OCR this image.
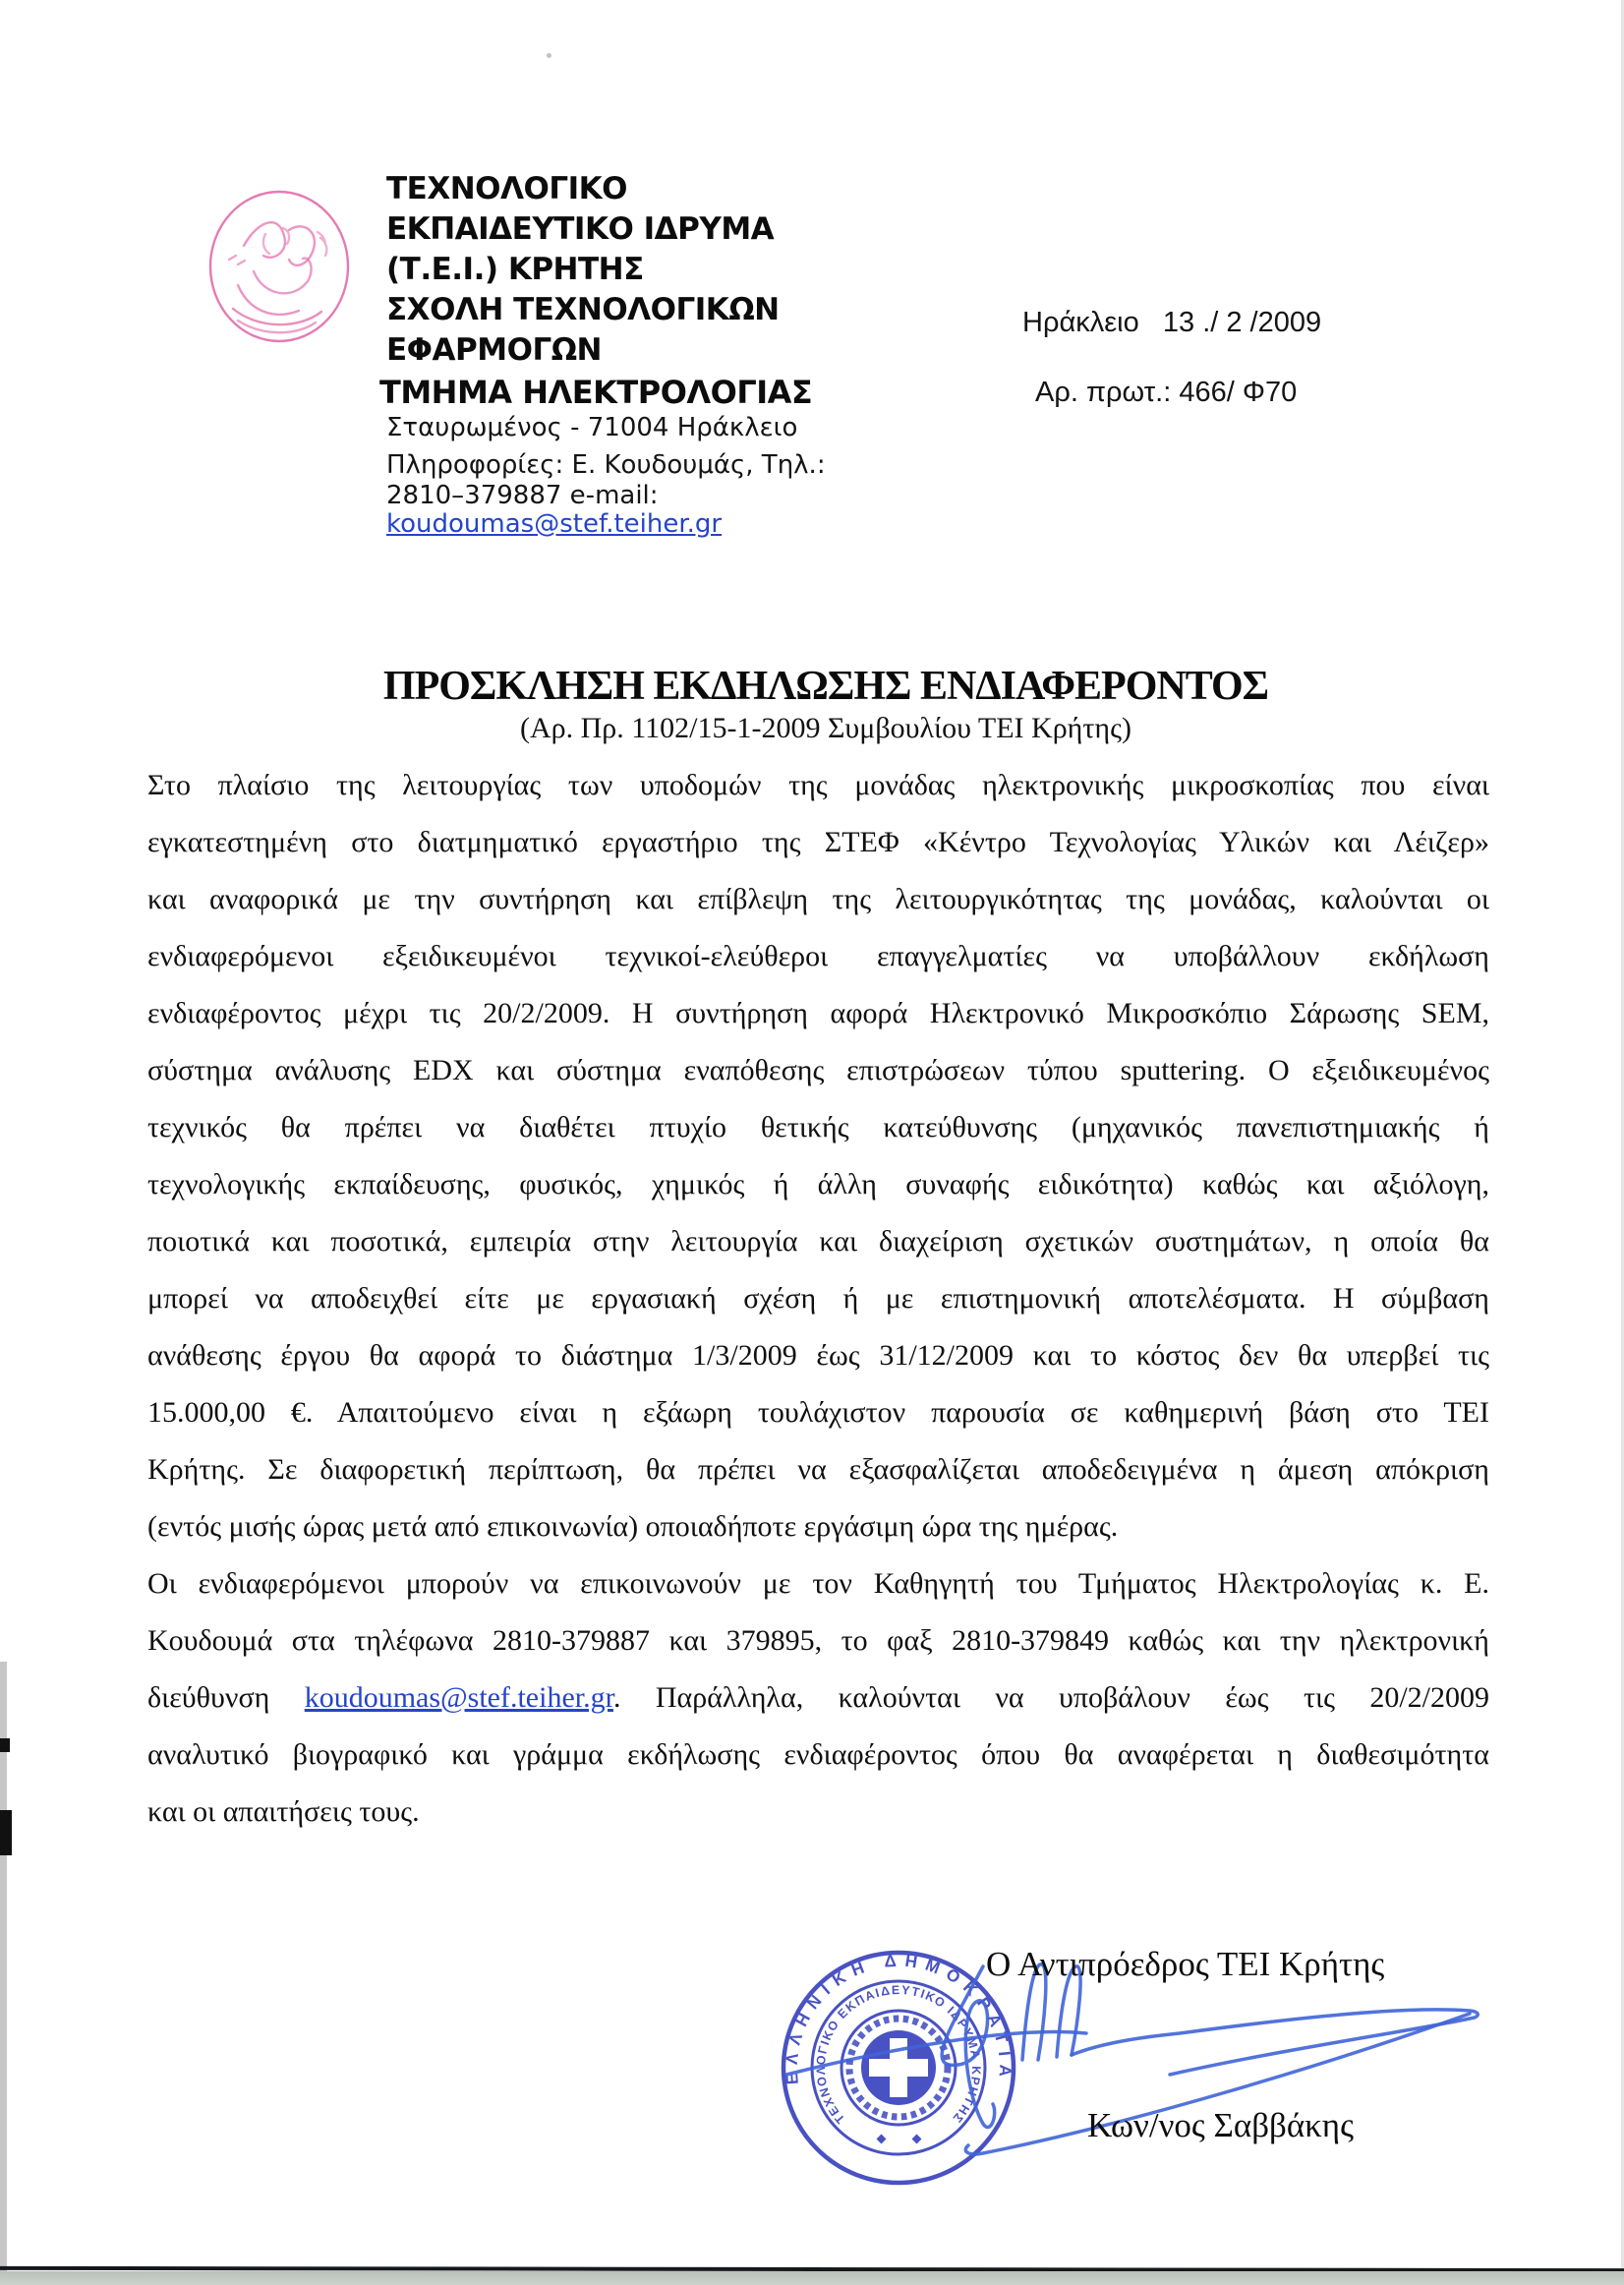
ΤΕΧΝΟΛΟΓΙΚΟ
ΕΚΠΑΙΔΕΥΤΙΚΟ ΙΔΡΥΜΑ
(Τ.Ε.Ι.) ΚΡΗΤΗΣ
ΣΧΟΛΗ ΤΕΧΝΟΛΟΓΙΚΩΝ
ΕΦΑΡΜΟΓΩΝ
ΤΜΗΜΑ ΗΛΕΚΤΡΟΛΟΓΙΑΣ
Σταυρωμένος - 71004 Ηράκλειο
Πληροφορίες: Ε. Κουδουμάς, Τηλ.:
2810–379887 e-mail:
koudoumas@stef.teiher.gr
Ηράκλειο   13 ./ 2 /2009
Αρ. πρωτ.: 466/ Φ70
ΠΡΟΣΚΛΗΣΗ ΕΚΔΗΛΩΣΗΣ ΕΝΔΙΑΦΕΡΟΝΤΟΣ
(Αρ. Πρ. 1102/15-1-2009 Συμβουλίου ΤΕΙ Κρήτης)
Στο πλαίσιο της λειτουργίας των υποδομών της μονάδας ηλεκτρονικής μικροσκοπίας που είναι
εγκατεστημένη στο διατμηματικό εργαστήριο της ΣΤΕΦ «Κέντρο Τεχνολογίας Υλικών και Λέιζερ»
και αναφορικά με την συντήρηση και επίβλεψη της λειτουργικότητας της μονάδας, καλούνται οι
ενδιαφερόμενοι εξειδικευμένοι τεχνικοί-ελεύθεροι επαγγελματίες να υποβάλλουν εκδήλωση
ενδιαφέροντος μέχρι τις 20/2/2009. Η συντήρηση αφορά Ηλεκτρονικό Μικροσκόπιο Σάρωσης SEM,
σύστημα ανάλυσης EDX και σύστημα εναπόθεσης επιστρώσεων τύπου sputtering. Ο εξειδικευμένος
τεχνικός θα πρέπει να διαθέτει πτυχίο θετικής κατεύθυνσης (μηχανικός πανεπιστημιακής ή
τεχνολογικής εκπαίδευσης, φυσικός, χημικός ή άλλη συναφής ειδικότητα) καθώς και αξιόλογη,
ποιοτικά και ποσοτικά, εμπειρία στην λειτουργία και διαχείριση σχετικών συστημάτων, η οποία θα
μπορεί να αποδειχθεί είτε με εργασιακή σχέση ή με επιστημονική αποτελέσματα. Η σύμβαση
ανάθεσης έργου θα αφορά το διάστημα 1/3/2009 έως 31/12/2009 και το κόστος δεν θα υπερβεί τις
15.000,00 €. Απαιτούμενο είναι η εξάωρη τουλάχιστον παρουσία σε καθημερινή βάση στο ΤΕΙ
Κρήτης. Σε διαφορετική περίπτωση, θα πρέπει να εξασφαλίζεται αποδεδειγμένα η άμεση απόκριση
(εντός μισής ώρας μετά από επικοινωνία) οποιαδήποτε εργάσιμη ώρα της ημέρας.
Οι ενδιαφερόμενοι μπορούν να επικοινωνούν με τον Καθηγητή του Τμήματος Ηλεκτρολογίας κ. Ε.
Κουδουμά στα τηλέφωνα 2810-379887 και 379895, το φαξ 2810-379849 καθώς και την ηλεκτρονική
διεύθυνση koudoumas@stef.teiher.gr. Παράλληλα, καλούνται να υποβάλουν έως τις 20/2/2009
αναλυτικό βιογραφικό και γράμμα εκδήλωσης ενδιαφέροντος όπου θα αναφέρεται η διαθεσιμότητα
και οι απαιτήσεις τους.
Ο Αντιπρόεδρος ΤΕΙ Κρήτης
ΕΛΛΗΝΙΚΗ ΔΗΜΟΚΡΑΤΙΑ
ΤΕΧΝΟΛΟΓΙΚΟ ΕΚΠΑΙΔΕΥΤΙΚΟ ΙΔΡΥΜΑ ΚΡΗΤΗΣ	Κων/νος Σαββάκης
